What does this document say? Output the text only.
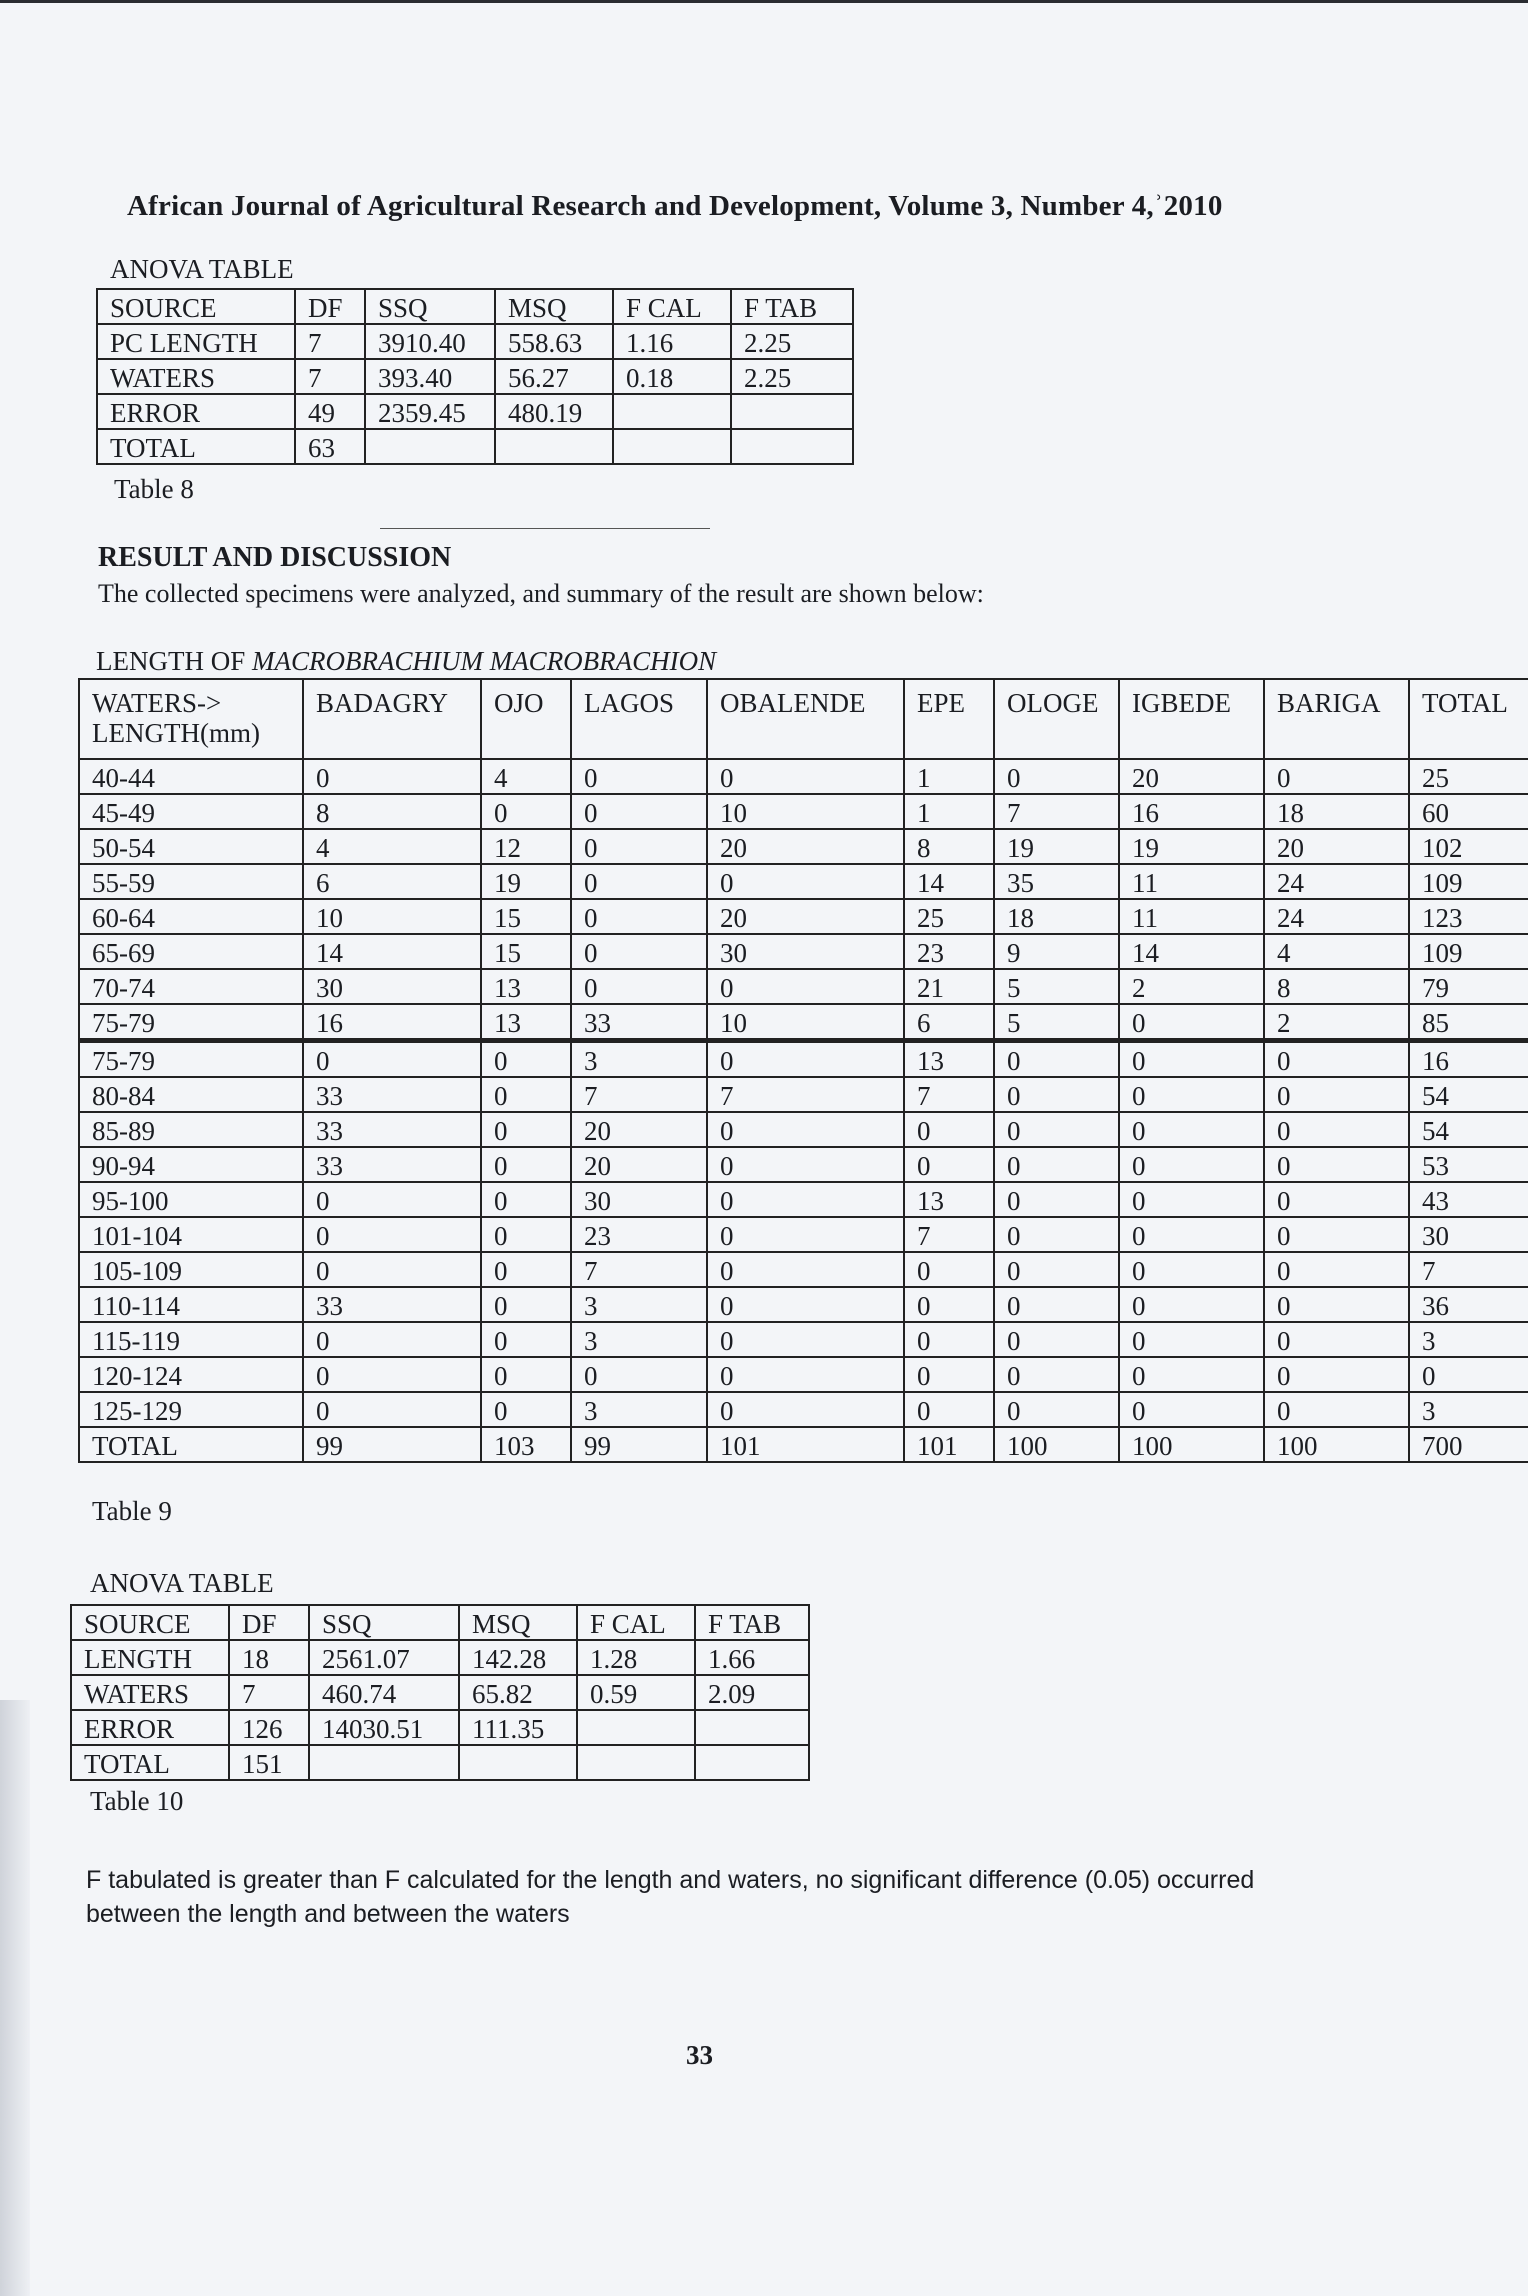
African Journal of Agricultural Research and Development, Volume 3, Number 4,ʾ2010
ANOVA TABLE
SOURCE	DF	SSQ	MSQ	F CAL	F TAB
PC LENGTH	7	3910.40	558.63	1.16	2.25
WATERS	7	393.40	56.27	0.18	2.25
ERROR	49	2359.45	480.19		
TOTAL	63				
Table 8
RESULT AND DISCUSSION
The collected specimens were analyzed, and summary of the result are shown below:
LENGTH OF MACROBRACHIUM MACROBRACHION
WATERS->
LENGTH(mm)	BADAGRY	OJO	LAGOS	OBALENDE	EPE	OLOGE	IGBEDE	BARIGA	TOTAL
40-44	0	4	0	0	1	0	20	0	25
45-49	8	0	0	10	1	7	16	18	60
50-54	4	12	0	20	8	19	19	20	102
55-59	6	19	0	0	14	35	11	24	109
60-64	10	15	0	20	25	18	11	24	123
65-69	14	15	0	30	23	9	14	4	109
70-74	30	13	0	0	21	5	2	8	79
75-79	16	13	33	10	6	5	0	2	85
75-79	0	0	3	0	13	0	0	0	16
80-84	33	0	7	7	7	0	0	0	54
85-89	33	0	20	0	0	0	0	0	54
90-94	33	0	20	0	0	0	0	0	53
95-100	0	0	30	0	13	0	0	0	43
101-104	0	0	23	0	7	0	0	0	30
105-109	0	0	7	0	0	0	0	0	7
110-114	33	0	3	0	0	0	0	0	36
115-119	0	0	3	0	0	0	0	0	3
120-124	0	0	0	0	0	0	0	0	0
125-129	0	0	3	0	0	0	0	0	3
TOTAL	99	103	99	101	101	100	100	100	700
Table 9
ANOVA TABLE
SOURCE	DF	SSQ	MSQ	F CAL	F TAB
LENGTH	18	2561.07	142.28	1.28	1.66
WATERS	7	460.74	65.82	0.59	2.09
ERROR	126	14030.51	111.35		
TOTAL	151				
Table 10
F tabulated is greater than F calculated for the length and waters, no significant difference (0.05) occurred
between the length and between the waters
33
